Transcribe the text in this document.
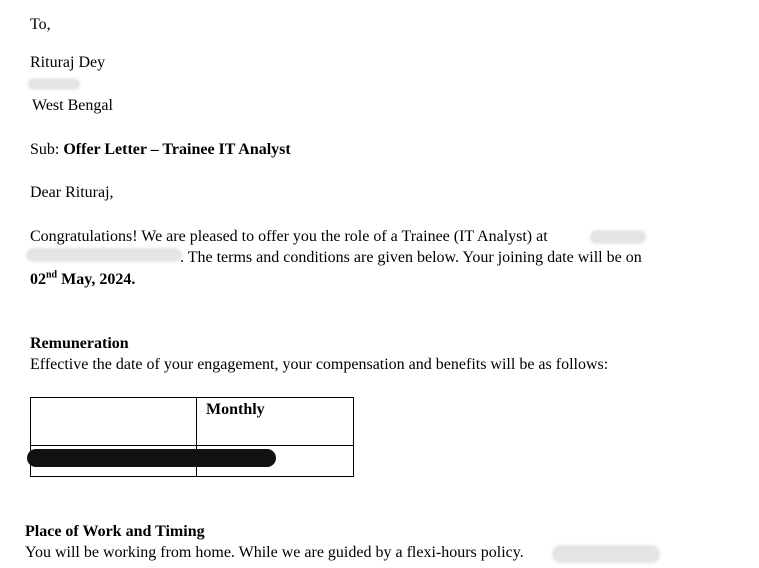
To,
Rituraj Dey
West Bengal
Sub: Offer Letter – Trainee IT Analyst
Dear Rituraj,
Congratulations! We are pleased to offer you the role of a Trainee (IT Analyst) at
. The terms and conditions are given below. Your joining date will be on
02nd May, 2024.
Remuneration
Effective the date of your engagement, your compensation and benefits will be as follows:
Monthly
Place of Work and Timing
You will be working from home. While we are guided by a flexi-hours policy.
